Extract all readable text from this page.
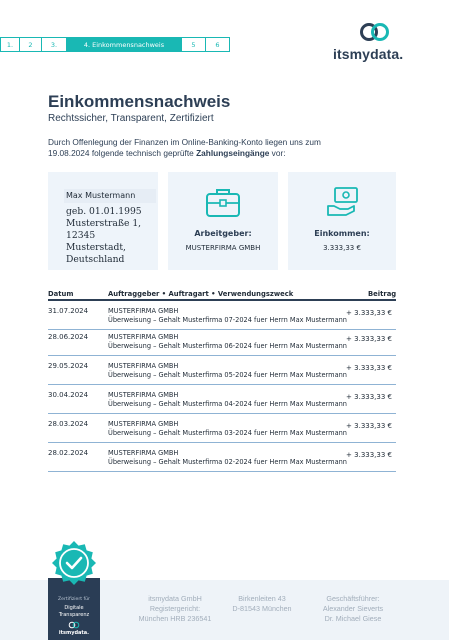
1.	2	3.	4. Einkommensnachweis	5	6
itsmydata.
Einkommensnachweis
Rechtssicher, Transparent, Zertifiziert
Durch Offenlegung der Finanzen im Online-Banking-Konto liegen uns zum
19.08.2024 folgende technisch geprüfte Zahlungseingänge vor:
Max Mustermann
geb. 01.01.1995
Musterstraße 1,
12345 Musterstadt,
Deutschland
Arbeitgeber:
MUSTERFIRMA GMBH
Einkommen:
3.333,33 €
Datum	Auftraggeber • Auftragart • Verwendungszweck	Beitrag
31.07.2024	MUSTERFIRMA GMBH
Überweisung – Gehalt Musterfirma 07-2024 fuer Herrn Max Mustermann
+ 3.333,33 €
28.06.2024	MUSTERFIRMA GMBH
Überweisung – Gehalt Musterfirma 06-2024 fuer Herrn Max Mustermann
+ 3.333,33 €
29.05.2024	MUSTERFIRMA GMBH
Überweisung – Gehalt Musterfirma 05-2024 fuer Herrn Max Mustermann
+ 3.333,33 €
30.04.2024	MUSTERFIRMA GMBH
Überweisung – Gehalt Musterfirma 04-2024 fuer Herrn Max Mustermann
+ 3.333,33 €
28.03.2024	MUSTERFIRMA GMBH
Überweisung – Gehalt Musterfirma 03-2024 fuer Herrn Max Mustermann
+ 3.333,33 €
28.02.2024	MUSTERFIRMA GMBH
Überweisung – Gehalt Musterfirma 02-2024 fuer Herrn Max Mustermann
+ 3.333,33 €
itsmydata GmbH
Registergericht:
München HRB 236541
Birkenleiten 43
D-81543 München
Geschäftsführer:
Alexander Sieverts
Dr. Michael Giese
Zertifiziert für
Digitale
Transparenz
itsmydata.
